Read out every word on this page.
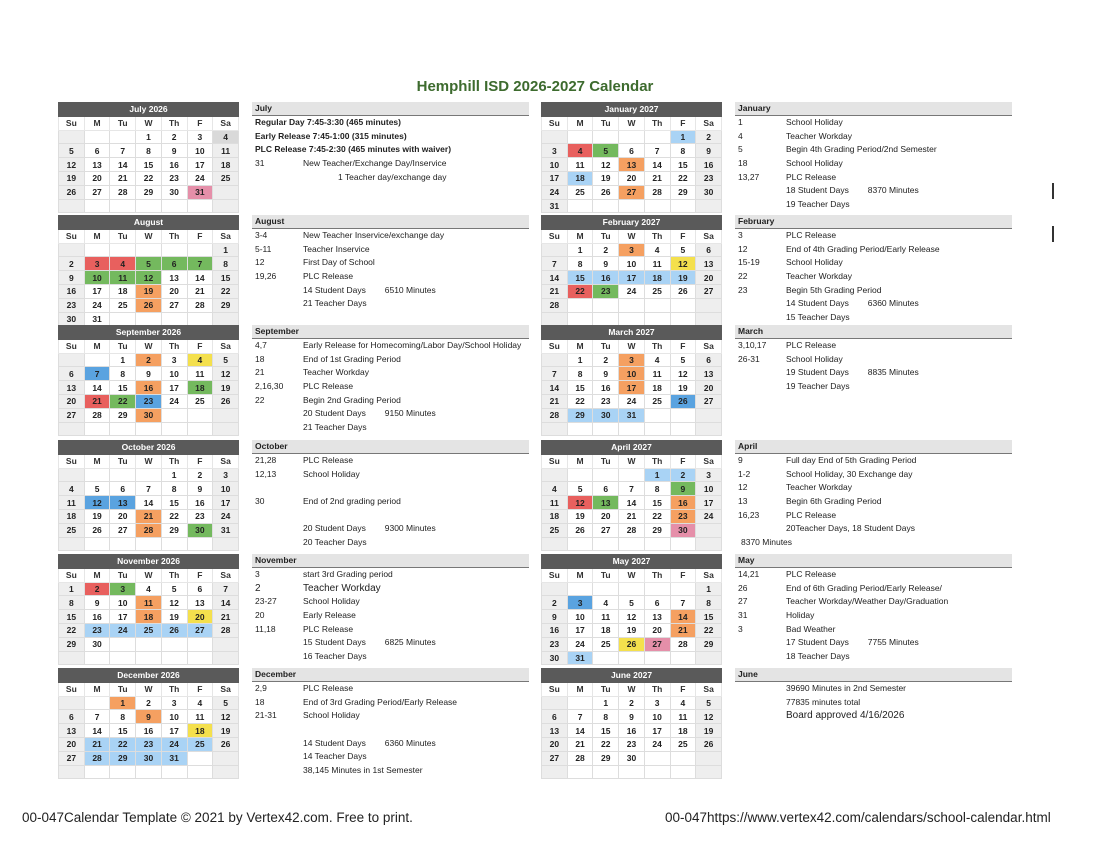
Hemphill ISD 2026-2027 Calendar
July 2026						
Su	M	Tu	W	Th	F	Sa
			1	2	3	4
5	6	7	8	9	10	11
12	13	14	15	16	17	18
19	20	21	22	23	24	25
26	27	28	29	30	31	

August						
Su	M	Tu	W	Th	F	Sa
						1
2	3	4	5	6	7	8
9	10	11	12	13	14	15
16	17	18	19	20	21	22
23	24	25	26	27	28	29
30	31					
September 2026						
Su	M	Tu	W	Th	F	Sa
		1	2	3	4	5
6	7	8	9	10	11	12
13	14	15	16	17	18	19
20	21	22	23	24	25	26
27	28	29	30			

October 2026						
Su	M	Tu	W	Th	F	Sa
				1	2	3
4	5	6	7	8	9	10
11	12	13	14	15	16	17
18	19	20	21	22	23	24
25	26	27	28	29	30	31

November 2026						
Su	M	Tu	W	Th	F	Sa
1	2	3	4	5	6	7
8	9	10	11	12	13	14
15	16	17	18	19	20	21
22	23	24	25	26	27	28
29	30					

December 2026						
Su	M	Tu	W	Th	F	Sa
		1	2	3	4	5
6	7	8	9	10	11	12
13	14	15	16	17	18	19
20	21	22	23	24	25	26
27	28	29	30	31		

January 2027						
Su	M	Tu	W	Th	F	Sa
					1	2
3	4	5	6	7	8	9
10	11	12	13	14	15	16
17	18	19	20	21	22	23
24	25	26	27	28	29	30
31						
February 2027						
Su	M	Tu	W	Th	F	Sa
	1	2	3	4	5	6
7	8	9	10	11	12	13
14	15	16	17	18	19	20
21	22	23	24	25	26	27
28						

March 2027						
Su	M	Tu	W	Th	F	Sa
	1	2	3	4	5	6
7	8	9	10	11	12	13
14	15	16	17	18	19	20
21	22	23	24	25	26	27
28	29	30	31			

April 2027						
Su	M	Tu	W	Th	F	Sa
				1	2	3
4	5	6	7	8	9	10
11	12	13	14	15	16	17
18	19	20	21	22	23	24
25	26	27	28	29	30	

May 2027						
Su	M	Tu	W	Th	F	Sa
						1
2	3	4	5	6	7	8
9	10	11	12	13	14	15
16	17	18	19	20	21	22
23	24	25	26	27	28	29
30	31					
June 2027						
Su	M	Tu	W	Th	F	Sa
		1	2	3	4	5
6	7	8	9	10	11	12
13	14	15	16	17	18	19
20	21	22	23	24	25	26
27	28	29	30			

July
Regular Day 7:45-3:30 (465 minutes)
Early Release 7:45-1:00 (315 minutes)
PLC Release 7:45-2:30 (465 minutes with waiver)
31	New Teacher/Exchange Day/Inservice
1 Teacher day/exchange day
August
3-4	New Teacher Inservice/exchange day
5-11	Teacher Inservice
12	First Day of School
19,26	PLC Release
14 Student Days        6510 Minutes
21 Teacher Days
September
4,7	Early Release for Homecoming/Labor Day/School Holiday
18	End of 1st Grading Period
21	Teacher Workday
2,16,30	PLC Release
22	Begin 2nd Grading Period
20 Student Days        9150 Minutes
21 Teacher Days
October
21,28	PLC Release
12,13	School Holiday
30	End of 2nd grading period
20 Student Days        9300 Minutes
20 Teacher Days
November
3	start 3rd Grading period
2	Teacher Workday
23-27	School Holiday
20	Early Release
11,18	PLC Release
15 Student Days        6825 Minutes
16 Teacher Days
December
2,9	PLC Release
18	End of 3rd Grading Period/Early Release
21-31	School Holiday
14 Student Days        6360 Minutes
14 Teacher Days
38,145 Minutes in 1st Semester
January
1	School Holiday
4	Teacher Workday
5	Begin 4th Grading Period/2nd Semester
18	School Holiday
13,27	PLC Release
18 Student Days        8370 Minutes
19 Teacher Days
February
3	PLC Release
12	End of 4th Grading Period/Early Release
15-19	School Holiday
22	Teacher Workday
23	Begin 5th Grading Period
14 Student Days        6360 Minutes
15 Teacher Days
March
3,10,17	PLC Release
26-31	School Holiday
19 Student Days        8835 Minutes
19 Teacher Days
April
9	Full day End of 5th Grading Period
1-2	School Holiday, 30 Exchange day
12	Teacher Workday
13	Begin 6th Grading Period
16,23	PLC Release
20Teacher Days, 18 Student Days
8370 Minutes
May
14,21	PLC Release
26	End of 6th Grading Period/Early Release/
27	Teacher Workday/Weather Day/Graduation
31	Holiday
3	Bad Weather
17 Student Days        7755 Minutes
18 Teacher Days
June
39690 Minutes in 2nd Semester
77835 minutes total
Board approved 4/16/2026
00-047Calendar Template © 2021 by Vertex42.com. Free to print.	00-047https://www.vertex42.com/calendars/school-calendar.html
